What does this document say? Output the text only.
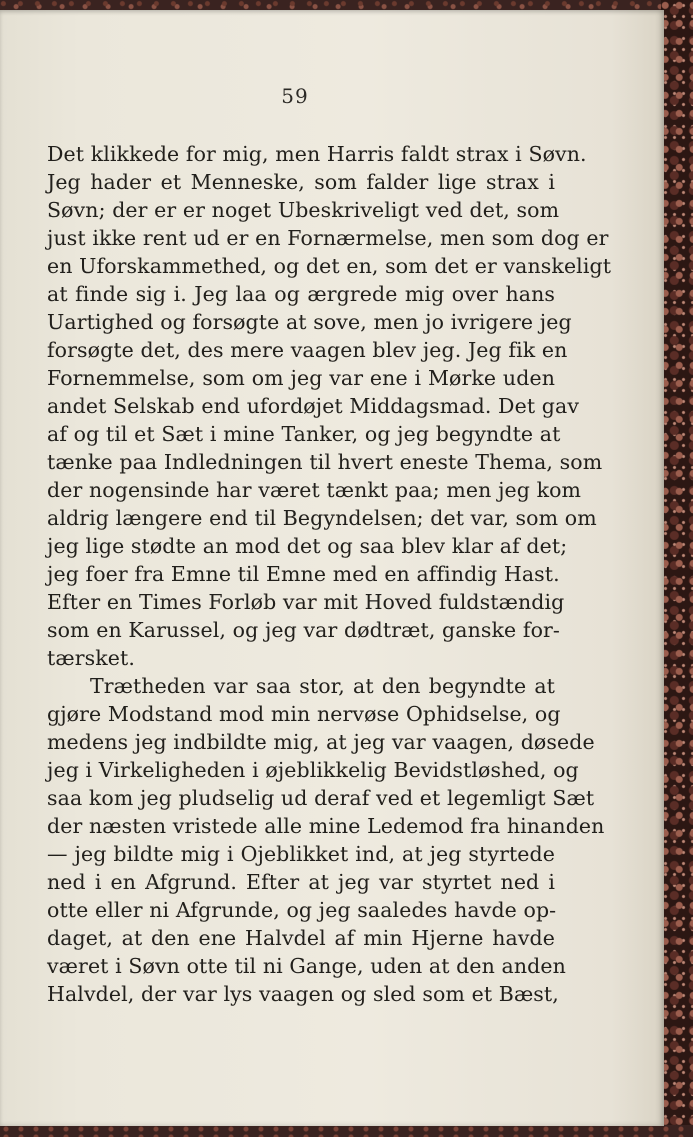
59
Det klikkede for mig, men Harris faldt strax i Søvn.
Jeg hader et Menneske, som falder lige strax i
Søvn; der er er noget Ubeskriveligt ved det, som
just ikke rent ud er en Fornærmelse, men som dog er
en Uforskammethed, og det en, som det er vanskeligt
at finde sig i. Jeg laa og ærgrede mig over hans
Uartighed og forsøgte at sove, men jo ivrigere jeg
forsøgte det, des mere vaagen blev jeg. Jeg fik en
Fornemmelse, som om jeg var ene i Mørke uden
andet Selskab end ufordøjet Middagsmad. Det gav
af og til et Sæt i mine Tanker, og jeg begyndte at
tænke paa Indledningen til hvert eneste Thema, som
der nogensinde har været tænkt paa; men jeg kom
aldrig længere end til Begyndelsen; det var, som om
jeg lige stødte an mod det og saa blev klar af det;
jeg foer fra Emne til Emne med en affindig Hast.
Efter en Times Forløb var mit Hoved fuldstændig
som en Karussel, og jeg var dødtræt, ganske for-
tærsket.
Trætheden var saa stor, at den begyndte at
gjøre Modstand mod min nervøse Ophidselse, og
medens jeg indbildte mig, at jeg var vaagen, døsede
jeg i Virkeligheden i øjeblikkelig Bevidstløshed, og
saa kom jeg pludselig ud deraf ved et legemligt Sæt
der næsten vristede alle mine Ledemod fra hinanden
— jeg bildte mig i Ojeblikket ind, at jeg styrtede
ned i en Afgrund. Efter at jeg var styrtet ned i
otte eller ni Afgrunde, og jeg saaledes havde op-
daget, at den ene Halvdel af min Hjerne havde
været i Søvn otte til ni Gange, uden at den anden
Halvdel, der var lys vaagen og sled som et Bæst,
